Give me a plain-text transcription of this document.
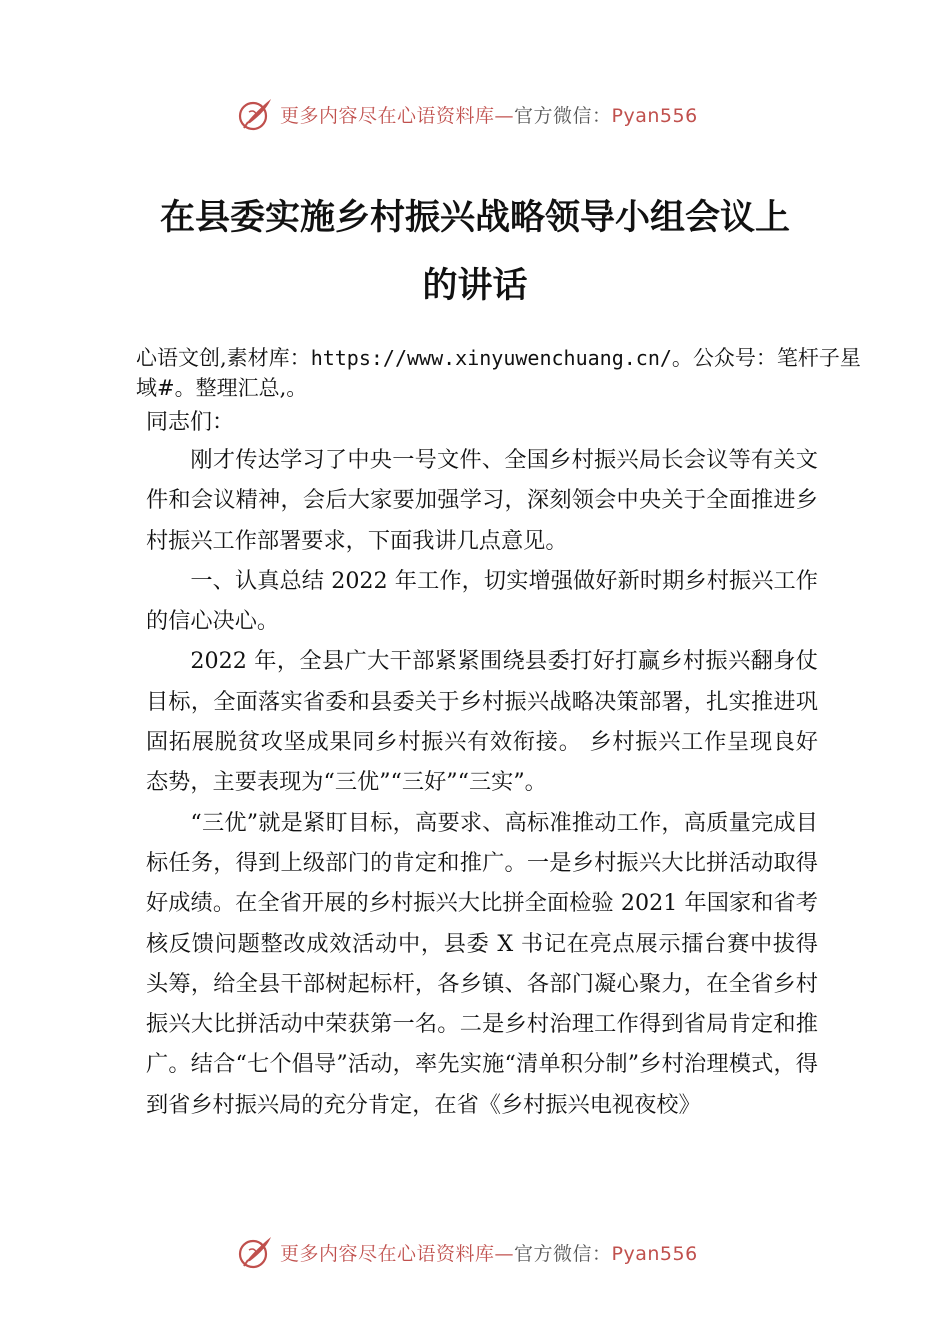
更多内容尽在心语资料库—官方微信：Pyan556
在县委实施乡村振兴战略领导小组会议上
的讲话
心语文创,素材库：https://www.xinyuwenchuang.cn/。公众号：笔杆子星域#。整理汇总,。
同志们：

刚才传达学习了中央一号文件、全国乡村振兴局长会议等有关文件和会议精神，会后大家要加强学习，深刻领会中央关于全面推进乡村振兴工作部署要求，下面我讲几点意见。

一、认真总结 2022 年工作，切实增强做好新时期乡村振兴工作的信心决心。

2022 年，全县广大干部紧紧围绕县委打好打赢乡村振兴翻身仗目标，全面落实省委和县委关于乡村振兴战略决策部署，扎实推进巩固拓展脱贫攻坚成果同乡村振兴有效衔接。 乡村振兴工作呈现良好态势，主要表现为“三优”“三好”“三实”。

“三优”就是紧盯目标，高要求、高标准推动工作，高质量完成目标任务，得到上级部门的肯定和推广。一是乡村振兴大比拼活动取得好成绩。在全省开展的乡村振兴大比拼全面检验 2021 年国家和省考核反馈问题整改成效活动中，县委 X 书记在亮点展示擂台赛中拔得头筹，给全县干部树起标杆，各乡镇、各部门凝心聚力，在全省乡村振兴大比拼活动中荣获第一名。二是乡村治理工作得到省局肯定和推广。结合“七个倡导”活动，率先实施“清单积分制”乡村治理模式，得到省乡村振兴局的充分肯定，在省《乡村振兴电视夜校》

更多内容尽在心语资料库—官方微信：Pyan556
